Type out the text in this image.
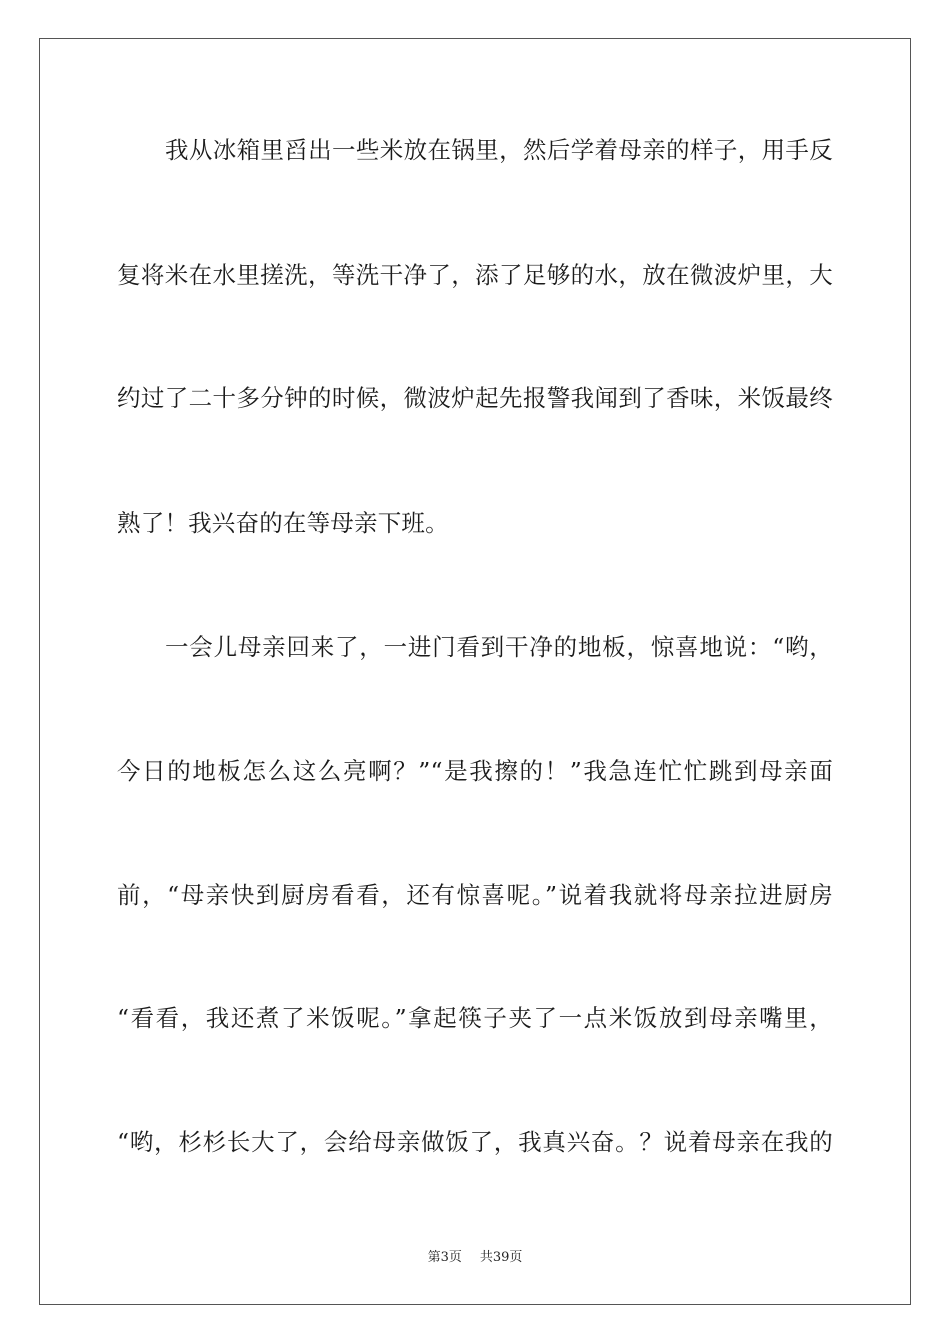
我从冰箱里舀出一些米放在锅里，然后学着母亲的样子，用手反
复将米在水里搓洗，等洗干净了，添了足够的水，放在微波炉里，大
约过了二十多分钟的时候，微波炉起先报警我闻到了香味，米饭最终
熟了！我兴奋的在等母亲下班。
一会儿母亲回来了，一进门看到干净的地板，惊喜地说：“哟，
今日的地板怎么这么亮啊？”“是我擦的！”我急连忙忙跳到母亲面
前，“母亲快到厨房看看，还有惊喜呢。”说着我就将母亲拉进厨房
“看看，我还煮了米饭呢。”拿起筷子夹了一点米饭放到母亲嘴里，
“哟，杉杉长大了，会给母亲做饭了，我真兴奋。？说着母亲在我的
第3页 共39页
